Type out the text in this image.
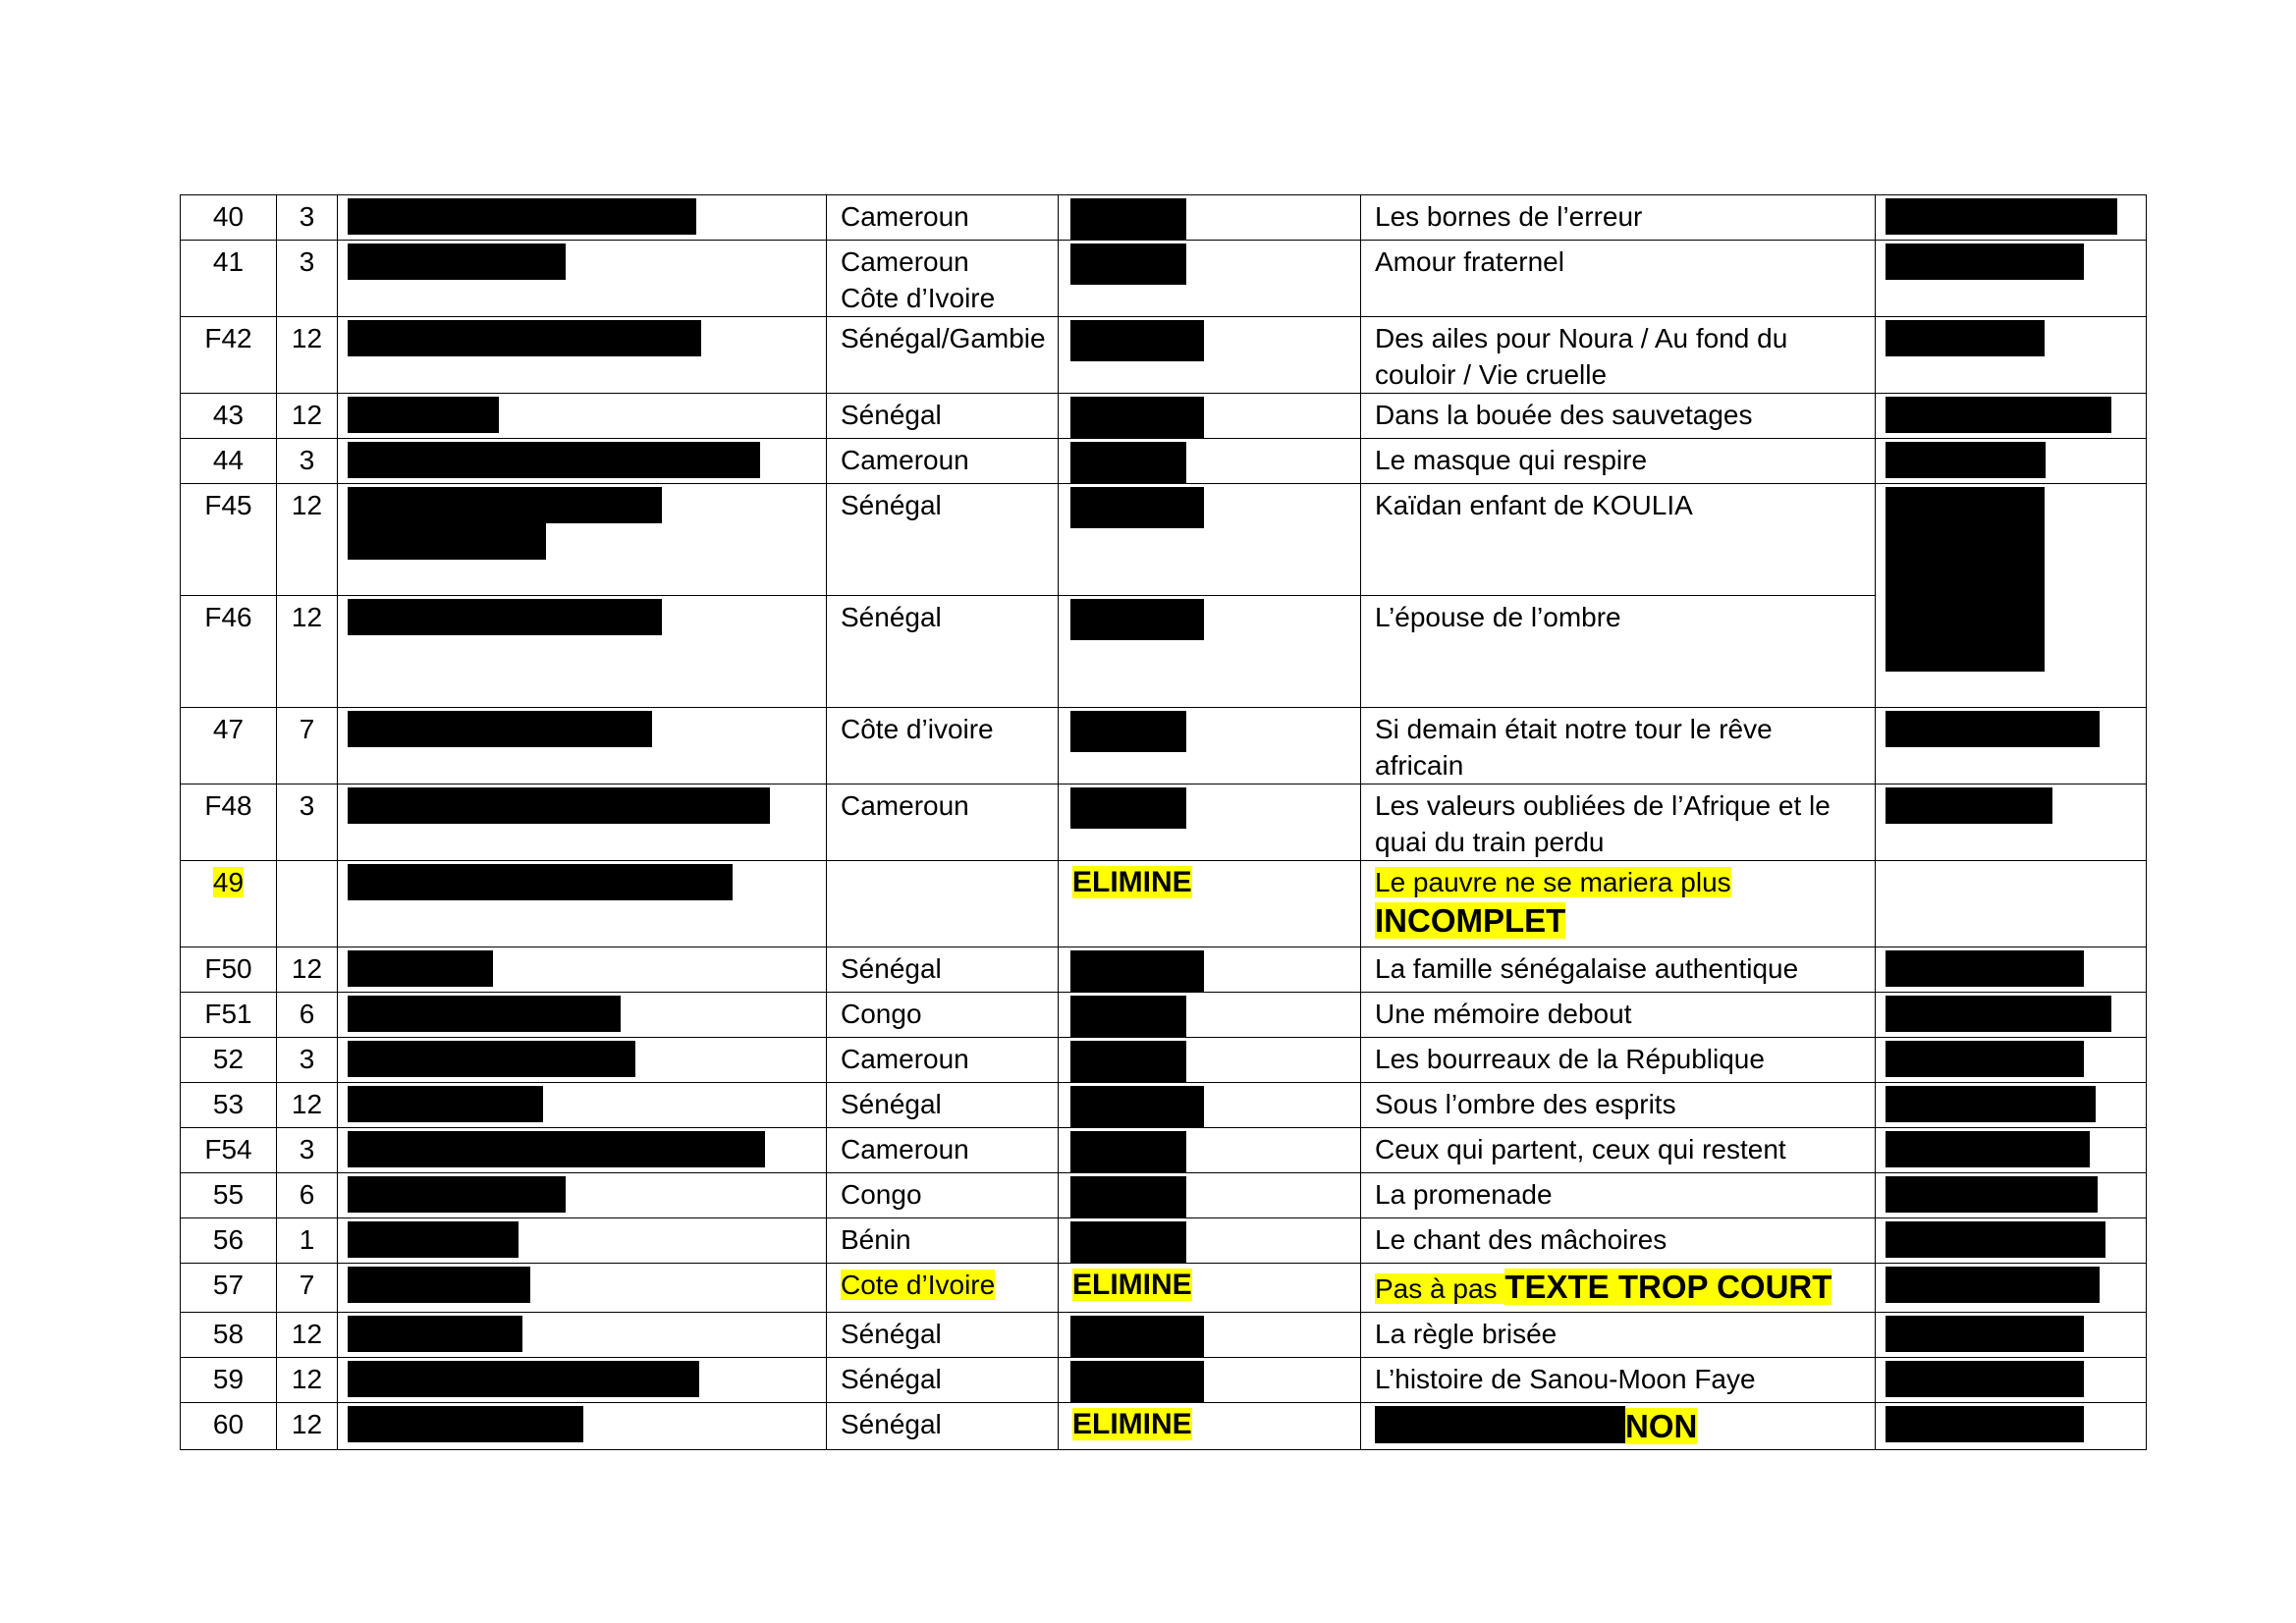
40	3		Cameroun		Les bornes de l’erreur	

41	3		Cameroun
Côte d’Ivoire		Amour fraternel	

F42	12		Sénégal/Gambie		Des ailes pour Noura / Au fond du
couloir / Vie cruelle	

43	12		Sénégal		Dans la bouée des sauvetages	

44	3		Cameroun		Le masque qui respire	

F45	12		Sénégal		Kaïdan enfant de KOULIA	

F46	12		Sénégal		L’épouse de l’ombre	

47	7		Côte d’ivoire		Si demain était notre tour le rêve
africain	

F48	3		Cameroun		Les valeurs oubliées de l’Afrique et le
quai du train perdu	

49				ELIMINE	Le pauvre ne se mariera plus
INCOMPLET	

F50	12		Sénégal		La famille sénégalaise authentique	

F51	6		Congo		Une mémoire debout	

52	3		Cameroun		Les bourreaux de la République	

53	12		Sénégal		Sous l’ombre des esprits	

F54	3		Cameroun		Ceux qui partent, ceux qui restent	

55	6		Congo		La promenade	

56	1		Bénin		Le chant des mâchoires	

57	7		Cote d’Ivoire	ELIMINE	Pas à pas TEXTE TROP COURT	

58	12		Sénégal		La règle brisée	

59	12		Sénégal		L’histoire de Sanou-Moon Faye	

60	12		Sénégal	ELIMINE	NON	
